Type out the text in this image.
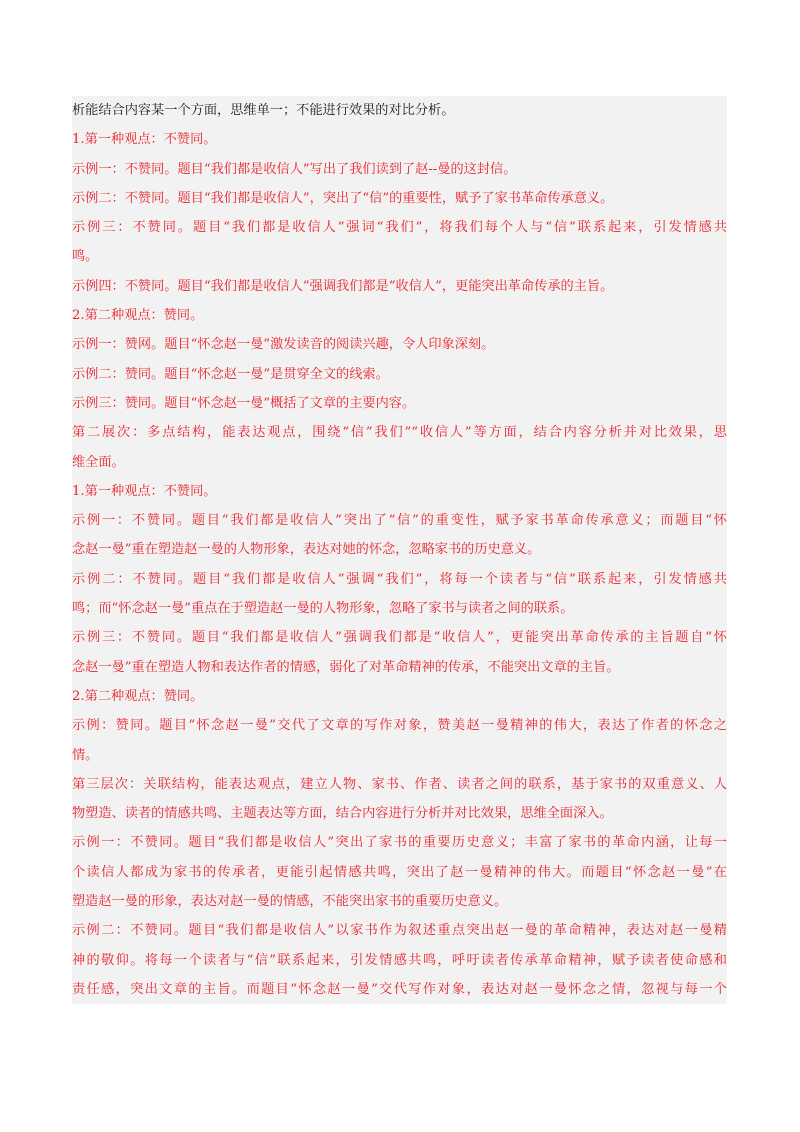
析能结合内容某一个方面，思维单一；不能进行效果的对比分析。
1.第一种观点：不赞同。
示例一：不赞同。题目“我们都是收信人”写出了我们读到了赵--曼的这封信。
示例二：不赞同。题目“我们都是收信人”，突出了“信”的重要性，赋予了家书革命传承意义。
示例三：不赞同。题目“我们都是收信人”强词“我们”，将我们每个人与“信”联系起来，引发情感共
鸣。
示例四：不赞同。题目“我们都是收信人”强调我们都是“收信人”，更能突出革命传承的主旨。
2.第二种观点：赞同。
示例一：赞网。题目“怀念赵一曼”激发读音的阅读兴趣，令人印象深刻。
示例二：赞同。题目“怀念赵一曼”是贯穿全文的线索。
示例三：赞同。题目“怀念赵一曼”概括了文章的主要内容。
第二展次：多点结构，能表达观点，围绕“信”我们”“收信人”等方面，结合内容分析并对比效果，思
维全面。
1.第一种观点：不赞同。
示例一：不赞同。题目“我们都是收信人”突出了“信”的重变性，赋予家书革命传承意义；而题目“怀
念赵一曼”重在塑造赵一曼的人物形象，表达对她的怀念，忽略家书的历史意义。
示例二：不赞同。题目“我们都是收信人”强调“我们”，将每一个读者与“信”联系起来，引发情感共
鸣；而“怀念赵一曼”重点在于塑造赵一曼的人物形象，忽略了家书与读者之间的联系。
示例三：不赞同。题目“我们都是收信人”强调我们都是“收信人”，更能突出革命传承的主旨题自“怀
念赵一曼”重在塑造人物和表达作者的情感，弱化了对革命精神的传承，不能突出文章的主旨。
2.第二种观点：赞同。
示例：赞同。题目“怀念赵一曼”交代了文章的写作对象，赞美赵一曼精神的伟大，表达了作者的怀念之
情。
第三层次：关联结构，能表达观点，建立人物、家书、作者、读者之间的联系，基于家书的双重意义、人
物塑造、读者的情感共鸣、主题表达等方面，结合内容进行分析并对比效果，思维全面深入。
示例一：不赞同。题目“我们都是收信人”突出了家书的重要历史意义；丰富了家书的革命内涵，让每一
个读信人都成为家书的传承者，更能引起情感共鸣，突出了赵一曼精神的伟大。而题目“怀念赵一曼”在
塑造赵一曼的形象，表达对赵一曼的情感，不能突出家书的重要历史意义。
示例二：不赞同。题目“我们都是收信人”以家书作为叙述重点突出赵一曼的革命精神，表达对赵一曼精
神的敬仰。将每一个读者与“信”联系起来，引发情感共鸣，呼吁读者传承革命精神，赋予读者使命感和
责任感，突出文章的主旨。而题目“怀念赵一曼”交代写作对象，表达对赵一曼怀念之情，忽视与每一个
